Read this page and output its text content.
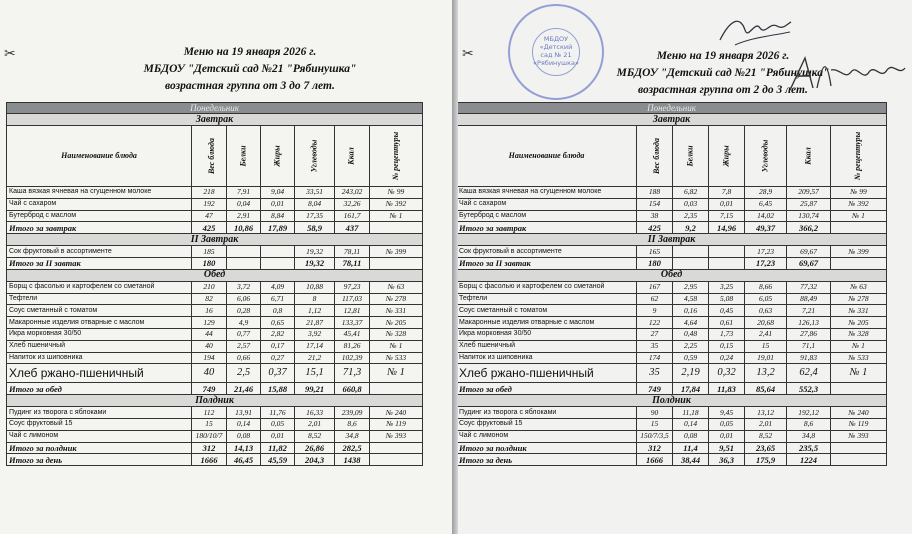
✂	Меню на 19 января 2026 г.
МБДОУ "Детский сад №21 "Рябинушка"
возрастная группа от 3 до 7 лет.
Понедельник						
Завтрак						
Наименование блюда	Вес блюда	Белки	Жиры	Углеводы	Ккал	№ рецептуры
Каша вязкая ячневая на сгущенном молоке	218	7,91	9,04	33,51	243,02	№ 99
Чай с сахаром	192	0,04	0,01	8,04	32,26	№ 392
Бутерброд с маслом	47	2,91	8,84	17,35	161,7	№ 1
Итого за завтрак	425	10,86	17,89	58,9	437	
II Завтрак						
Сок фруктовый в ассортименте	185			19,32	78,11	№ 399
Итого за II завтак	180			19,32	78,11	
Обед						
Борщ с фасолью и картофелем со сметаной	210	3,72	4,09	10,88	97,23	№ 63
Тефтели	82	6,06	6,71	8	117,03	№ 278
Соус сметанный с томатом	16	0,28	0,8	1,12	12,81	№ 331
Макаронные изделия отварные с маслом	129	4,9	0,65	21,87	133,37	№ 205
Икра морковная 30/50	44	0,77	2,82	3,92	45,41	№ 328
Хлеб пшеничный	40	2,57	0,17	17,14	81,26	№ 1
Напиток из шиповника	194	0,66	0,27	21,2	102,39	№ 533
Хлеб ржано-пшеничный	40	2,5	0,37	15,1	71,3	№ 1
Итого за обед	749	21,46	15,88	99,21	660,8	
Полдник						
Пудинг из творога с яблоками	112	13,91	11,76	16,33	239,09	№ 240
Соус фруктовый 15	15	0,14	0,05	2,01	8,6	№ 119
Чай с лимоном	180/10/7	0,08	0,01	8,52	34,8	№ 393
Итого за полдник	312	14,13	11,82	26,86	282,5	
Итого за день	1666	46,45	45,59	204,3	1438	
✂	Меню на 19 января 2026 г.
МБДОУ "Детский сад №21 "Рябинушка"
возрастная группа от 2 до 3 лет.
Понедельник						
Завтрак						
Наименование блюда	Вес блюда	Белки	Жиры	Углеводы	Ккал	№ рецептуры
Каша вязкая ячневая на сгущенном молоке	188	6,82	7,8	28,9	209,57	№ 99
Чай с сахаром	154	0,03	0,01	6,45	25,87	№ 392
Бутерброд с маслом	38	2,35	7,15	14,02	130,74	№ 1
Итого за завтрак	425	9,2	14,96	49,37	366,2	
II Завтрак						
Сок фруктовый в ассортименте	165			17,23	69,67	№ 399
Итого за II завтак	180			17,23	69,67	
Обед						
Борщ с фасолью и картофелем со сметаной	167	2,95	3,25	8,66	77,32	№ 63
Тефтели	62	4,58	5,08	6,05	88,49	№ 278
Соус сметанный с томатом	9	0,16	0,45	0,63	7,21	№ 331
Макаронные изделия отварные с маслом	122	4,64	0,61	20,68	126,13	№ 205
Икра морковная 30/50	27	0,48	1,73	2,41	27,86	№ 328
Хлеб пшеничный	35	2,25	0,15	15	71,1	№ 1
Напиток из шиповника	174	0,59	0,24	19,01	91,83	№ 533
Хлеб ржано-пшеничный	35	2,19	0,32	13,2	62,4	№ 1
Итого за обед	749	17,84	11,83	85,64	552,3	
Полдник						
Пудинг из творога с яблоками	90	11,18	9,45	13,12	192,12	№ 240
Соус фруктовый 15	15	0,14	0,05	2,01	8,6	№ 119
Чай с лимоном	150/7/3,5	0,08	0,01	8,52	34,8	№ 393
Итого за полдник	312	11,4	9,51	23,65	235,5	
Итого за день	1666	38,44	36,3	175,9	1224	
МБДОУ «Детский сад № 21 «Рябинушка»
